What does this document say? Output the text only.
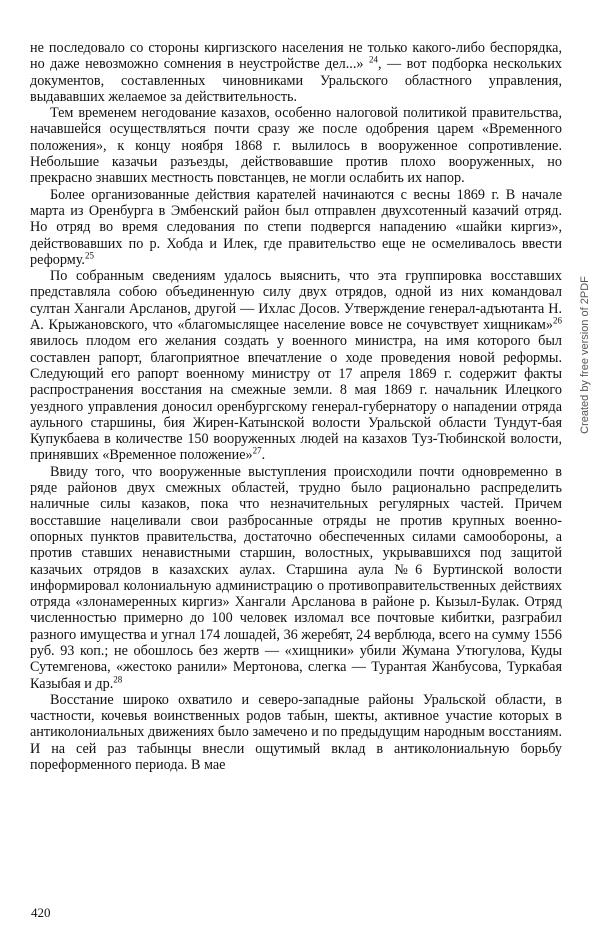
не последовало со стороны киргизского населения не только какого-либо беспорядка, но даже невозможно сомнения в неустройстве дел...» $^{24}$, — вот подборка нескольких документов, составленных чиновниками Уральского областного управления, выдававших желаемое за действительность.

Тем временем негодование казахов, особенно налоговой политикой правительства, начавшейся осуществляться почти сразу же после одобрения царем «Временного положения», к концу ноября 1868 г. вылилось в вооруженное сопротивление. Небольшие казачьи разъезды, действовавшие против плохо вооруженных, но прекрасно знавших местность повстанцев, не могли ослабить их напор.

Более организованные действия карателей начинаются с весны 1869 г. В начале марта из Оренбурга в Эмбенский район был отправлен двухсотенный казачий отряд. Но отряд во время следования по степи подвергся нападению «шайки киргиз», действовавших по р. Хобда и Илек, где правительство еще не осмеливалось ввести реформу.$^{25}$

По собранным сведениям удалось выяснить, что эта группировка восставших представляла собою объединенную силу двух отрядов, одной из них командовал султан Хангали Арсланов, другой — Ихлас Досов. Утверждение генерал-адъютанта Н. А. Крыжановского, что «благомыслящее население вовсе не сочувствует хищникам»$^{26}$ явилось плодом его желания создать у военного министра, на имя которого был составлен рапорт, благоприятное впечатление о ходе проведения новой реформы. Следующий его рапорт военному министру от 17 апреля 1869 г. содержит факты распространения восстания на смежные земли. 8 мая 1869 г. начальник Илецкого уездного управления доносил оренбургскому генерал-губернатору о нападении отряда аульного старшины, бия Жирен-Катынской волости Уральской области Тундут-бая Купукбаева в количестве 150 вооруженных людей на казахов Туз-Тюбинской волости, принявших «Временное положение»$^{27}$.

Ввиду того, что вооруженные выступления происходили почти одновременно в ряде районов двух смежных областей, трудно было рационально распределить наличные силы казаков, пока что незначительных регулярных частей. Причем восставшие нацеливали свои разбросанные отряды не против крупных военно-опорных пунктов правительства, достаточно обеспеченных силами самообороны, а против ставших ненавистными старшин, волостных, укрывавшихся под защитой казачьих отрядов в казахских аулах. Старшина аула №6 Буртинской волости информировал колониальную администрацию о противоправительственных действиях отряда «злонамеренных киргиз» Хангали Арсланова в районе р. Кызыл-Булак. Отряд численностью примерно до 100 человек изломал все почтовые кибитки, разграбил разного имущества и угнал 174 лошадей, 36 жеребят, 24 верблюда, всего на сумму 1556 руб. 93 коп.; не обошлось без жертв — «хищники» убили Жумана Утюгулова, Куды Сутемгенова, «жестоко ранили» Мертонова, слегка — Турантая Жанбусова, Туркабая Казыбая и др.$^{28}$

Восстание широко охватило и северо-западные районы Уральской области, в частности, кочевья воинственных родов табын, шекты, активное участие которых в антиколониальных движениях было замечено и по предыдущим народным восстаниям. И на сей раз табынцы внесли ощутимый вклад в антиколониальную борьбу пореформенного периода. В мае

420
Created by free version of 2PDF
